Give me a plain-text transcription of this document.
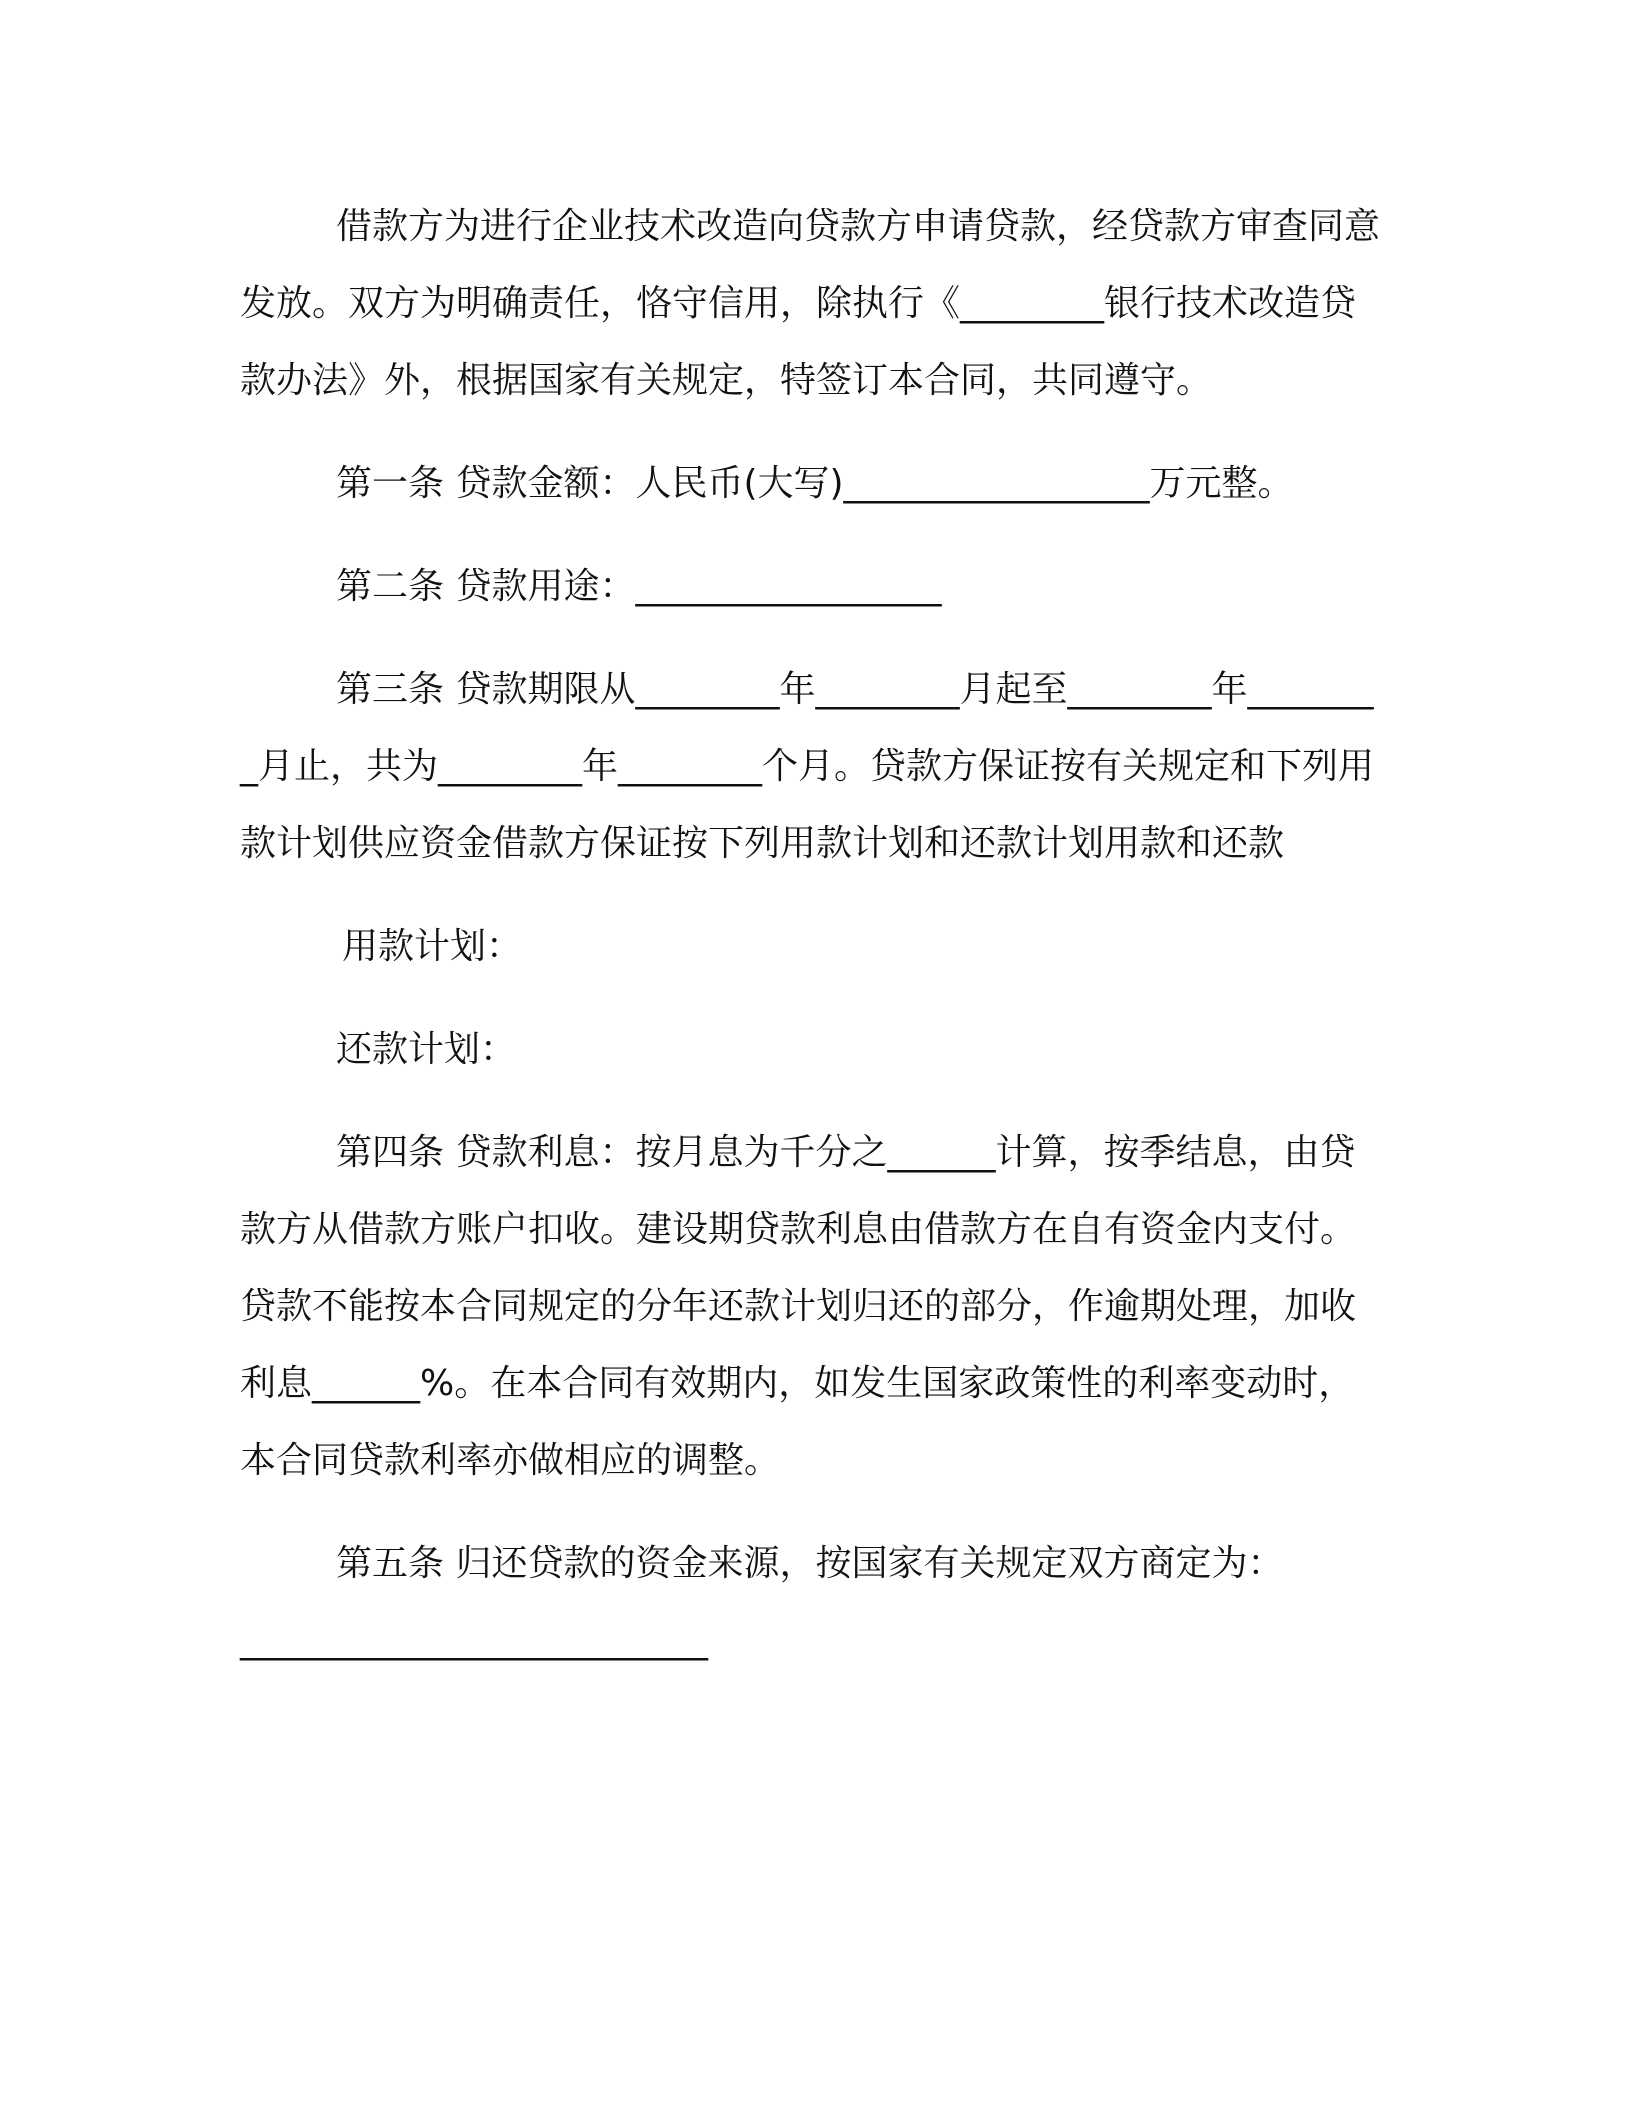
借款方为进行企业技术改造向贷款方申请贷款，经贷款方审查同意发放。双方为明确责任，恪守信用，除执行《________银行技术改造贷款办法》外，根据国家有关规定，特签订本合同，共同遵守。

第一条 贷款金额：人民币(大写)_________________万元整。

第二条 贷款用途：_________________

第三条 贷款期限从________年________月起至________年________月止，共为________年________个月。贷款方保证按有关规定和下列用款计划供应资金借款方保证按下列用款计划和还款计划用款和还款

用款计划：

还款计划：

第四条 贷款利息：按月息为千分之______计算，按季结息，由贷款方从借款方账户扣收。建设期贷款利息由借款方在自有资金内支付。贷款不能按本合同规定的分年还款计划归还的部分，作逾期处理，加收利息______%。在本合同有效期内，如发生国家政策性的利率变动时，本合同贷款利率亦做相应的调整。

第五条 归还贷款的资金来源，按国家有关规定双方商定为：

__________________________
